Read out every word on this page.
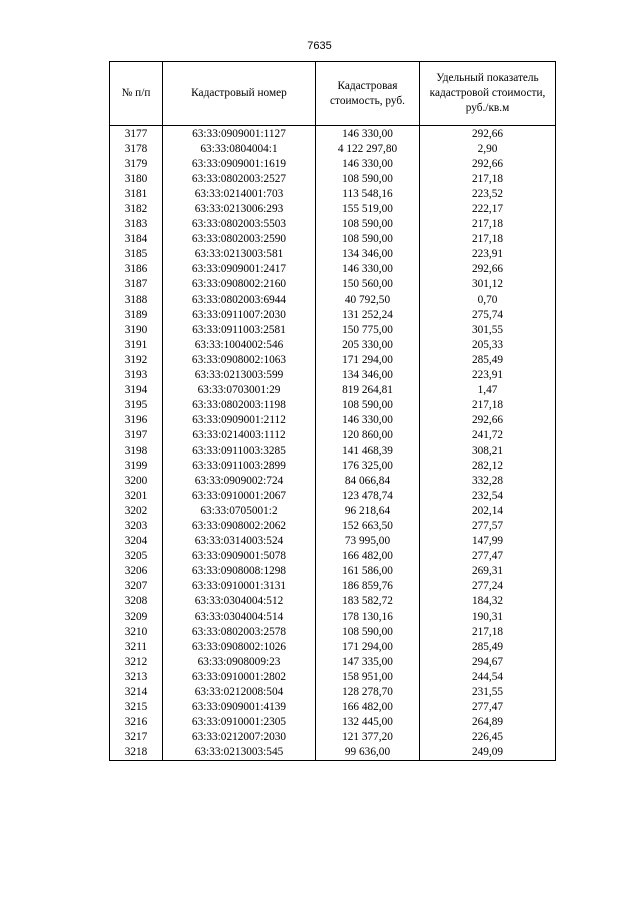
7635
№ п/п	Кадастровый номер	Кадастровая стоимость, руб.	Удельный показатель кадастровой стоимости, руб./кв.м
3177	63:33:0909001:1127	146 330,00	292,66
3178	63:33:0804004:1	4 122 297,80	2,90
3179	63:33:0909001:1619	146 330,00	292,66
3180	63:33:0802003:2527	108 590,00	217,18
3181	63:33:0214001:703	113 548,16	223,52
3182	63:33:0213006:293	155 519,00	222,17
3183	63:33:0802003:5503	108 590,00	217,18
3184	63:33:0802003:2590	108 590,00	217,18
3185	63:33:0213003:581	134 346,00	223,91
3186	63:33:0909001:2417	146 330,00	292,66
3187	63:33:0908002:2160	150 560,00	301,12
3188	63:33:0802003:6944	40 792,50	0,70
3189	63:33:0911007:2030	131 252,24	275,74
3190	63:33:0911003:2581	150 775,00	301,55
3191	63:33:1004002:546	205 330,00	205,33
3192	63:33:0908002:1063	171 294,00	285,49
3193	63:33:0213003:599	134 346,00	223,91
3194	63:33:0703001:29	819 264,81	1,47
3195	63:33:0802003:1198	108 590,00	217,18
3196	63:33:0909001:2112	146 330,00	292,66
3197	63:33:0214003:1112	120 860,00	241,72
3198	63:33:0911003:3285	141 468,39	308,21
3199	63:33:0911003:2899	176 325,00	282,12
3200	63:33:0909002:724	84 066,84	332,28
3201	63:33:0910001:2067	123 478,74	232,54
3202	63:33:0705001:2	96 218,64	202,14
3203	63:33:0908002:2062	152 663,50	277,57
3204	63:33:0314003:524	73 995,00	147,99
3205	63:33:0909001:5078	166 482,00	277,47
3206	63:33:0908008:1298	161 586,00	269,31
3207	63:33:0910001:3131	186 859,76	277,24
3208	63:33:0304004:512	183 582,72	184,32
3209	63:33:0304004:514	178 130,16	190,31
3210	63:33:0802003:2578	108 590,00	217,18
3211	63:33:0908002:1026	171 294,00	285,49
3212	63:33:0908009:23	147 335,00	294,67
3213	63:33:0910001:2802	158 951,00	244,54
3214	63:33:0212008:504	128 278,70	231,55
3215	63:33:0909001:4139	166 482,00	277,47
3216	63:33:0910001:2305	132 445,00	264,89
3217	63:33:0212007:2030	121 377,20	226,45
3218	63:33:0213003:545	99 636,00	249,09
